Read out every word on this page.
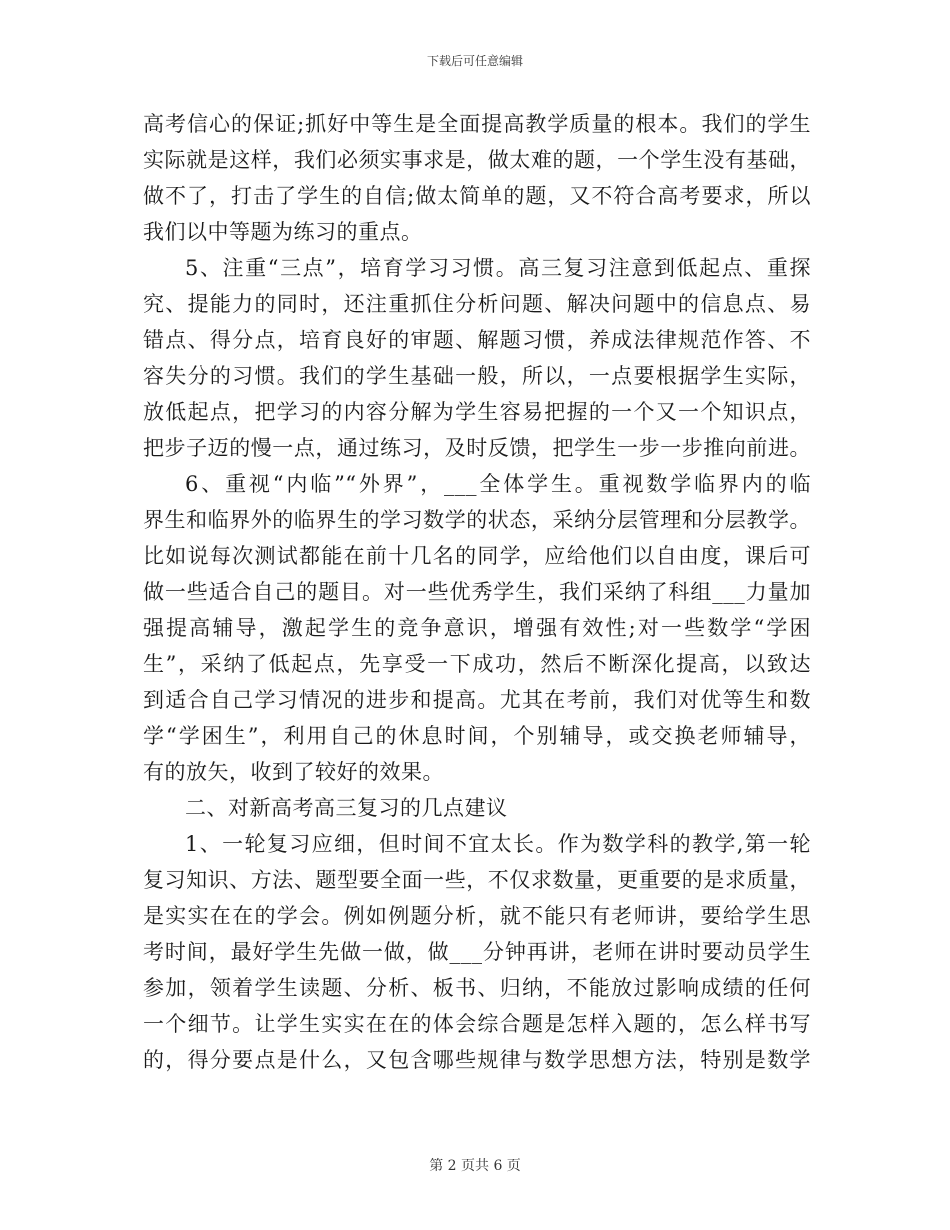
下载后可任意编辑
高考信心的保证;抓好中等生是全面提高教学质量的根本。我们的学生
实际就是这样，我们必须实事求是，做太难的题，一个学生没有基础，
做不了，打击了学生的自信;做太简单的题，又不符合高考要求，所以
我们以中等题为练习的重点。
5、注重“三点”，培育学习习惯。高三复习注意到低起点、重探
究、提能力的同时，还注重抓住分析问题、解决问题中的信息点、易
错点、得分点，培育良好的审题、解题习惯，养成法律规范作答、不
容失分的习惯。我们的学生基础一般，所以，一点要根据学生实际，
放低起点，把学习的内容分解为学生容易把握的一个又一个知识点，
把步子迈的慢一点，通过练习，及时反馈，把学生一步一步推向前进。
6、重视“内临”“外界”，___全体学生。重视数学临界内的临
界生和临界外的临界生的学习数学的状态，采纳分层管理和分层教学。
比如说每次测试都能在前十几名的同学，应给他们以自由度，课后可
做一些适合自己的题目。对一些优秀学生，我们采纳了科组___力量加
强提高辅导，激起学生的竞争意识，增强有效性;对一些数学“学困
生”，采纳了低起点，先享受一下成功，然后不断深化提高，以致达
到适合自己学习情况的进步和提高。尤其在考前，我们对优等生和数
学“学困生”，利用自己的休息时间，个别辅导，或交换老师辅导，
有的放矢，收到了较好的效果。
二、对新高考高三复习的几点建议
1、一轮复习应细，但时间不宜太长。作为数学科的教学,第一轮
复习知识、方法、题型要全面一些，不仅求数量，更重要的是求质量，
是实实在在的学会。例如例题分析，就不能只有老师讲，要给学生思
考时间，最好学生先做一做，做___分钟再讲，老师在讲时要动员学生
参加，领着学生读题、分析、板书、归纳，不能放过影响成绩的任何
一个细节。让学生实实在在的体会综合题是怎样入题的，怎么样书写
的，得分要点是什么，又包含哪些规律与数学思想方法，特别是数学
第 2 页共 6 页
